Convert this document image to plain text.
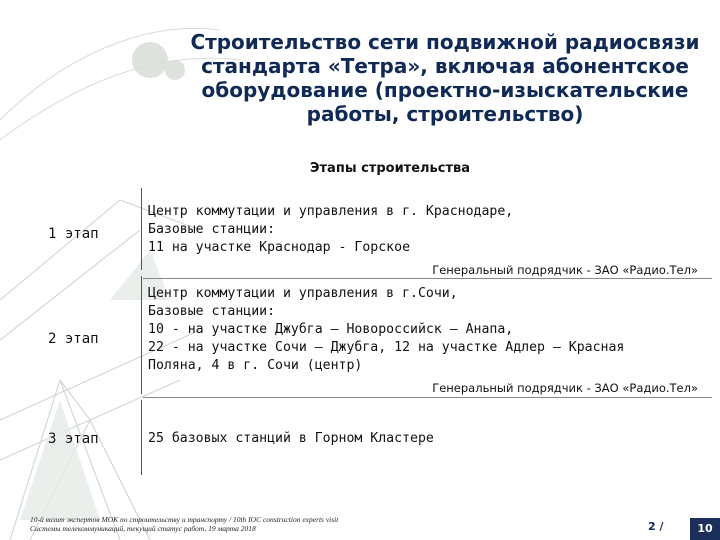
Строительство сети подвижной радиосвязи
стандарта «Тетра», включая абонентское
оборудование (проектно-изыскательские
работы, строительство)
Этапы строительства
1 этап
Центр коммутации и управления в г. Краснодаре,
Базовые станции:
11 на участке Краснодар - Горское
Генеральный подрядчик - ЗАО «Радио.Тел»
2 этап
Центр коммутации и управления в г.Сочи,
Базовые станции:
10 - на участке Джубга – Новороссийск – Анапа,
22 - на участке Сочи – Джубга, 12 на участке Адлер – Красная
Поляна, 4 в г. Сочи (центр)
Генеральный подрядчик - ЗАО «Радио.Тел»
3 этап	25 базовых станций в Горном Кластере
10-й визит экспертов МОК по строительству и транспорту / 10th IOC construction experts visit
Системы телекоммуникаций, текущий статус работ, 19 марта 2018	2 /	10
